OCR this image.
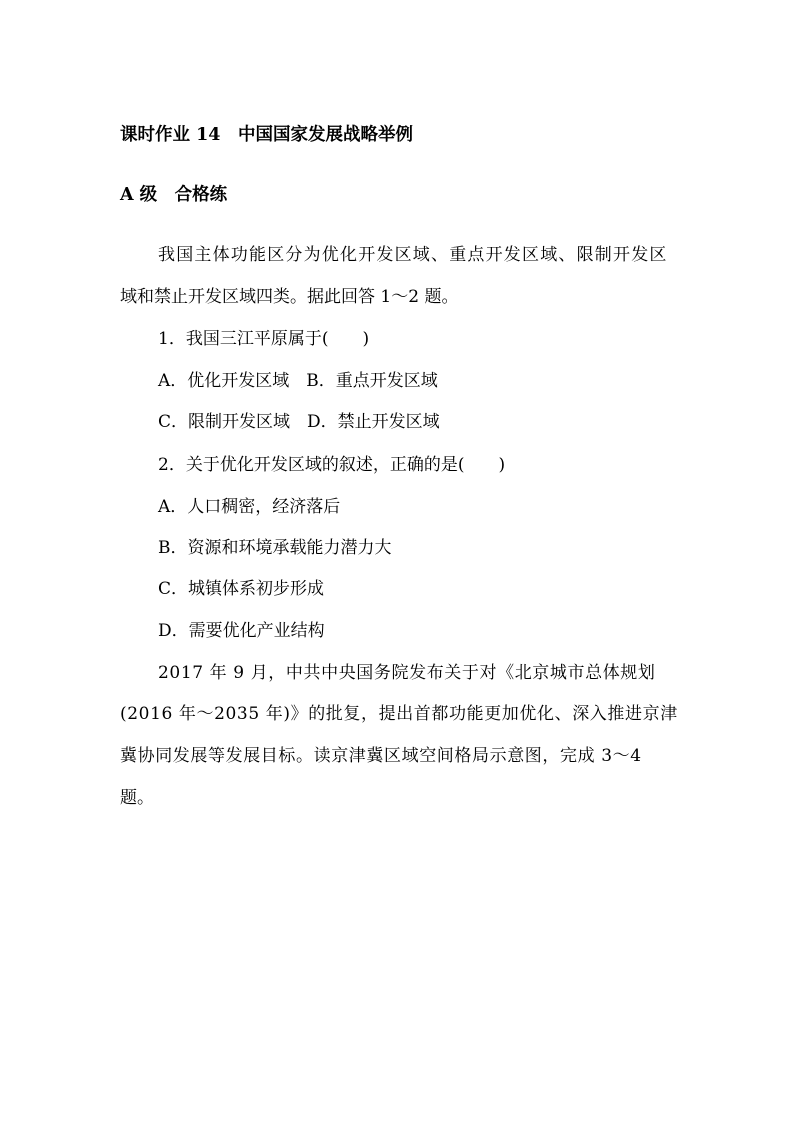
课时作业 14　中国国家发展战略举例
A 级　合格练
我国主体功能区分为优化开发区域、重点开发区域、限制开发区
域和禁止开发区域四类。据此回答 1～2 题。
1．我国三江平原属于(　　)
A．优化开发区域　B．重点开发区域
C．限制开发区域　D．禁止开发区域
2．关于优化开发区域的叙述，正确的是(　　)
A．人口稠密，经济落后
B．资源和环境承载能力潜力大
C．城镇体系初步形成
D．需要优化产业结构
2017 年 9 月，中共中央国务院发布关于对《北京城市总体规划
(2016 年～2035 年)》的批复，提出首都功能更加优化、深入推进京津
冀协同发展等发展目标。读京津冀区域空间格局示意图，完成 3～4
题。
